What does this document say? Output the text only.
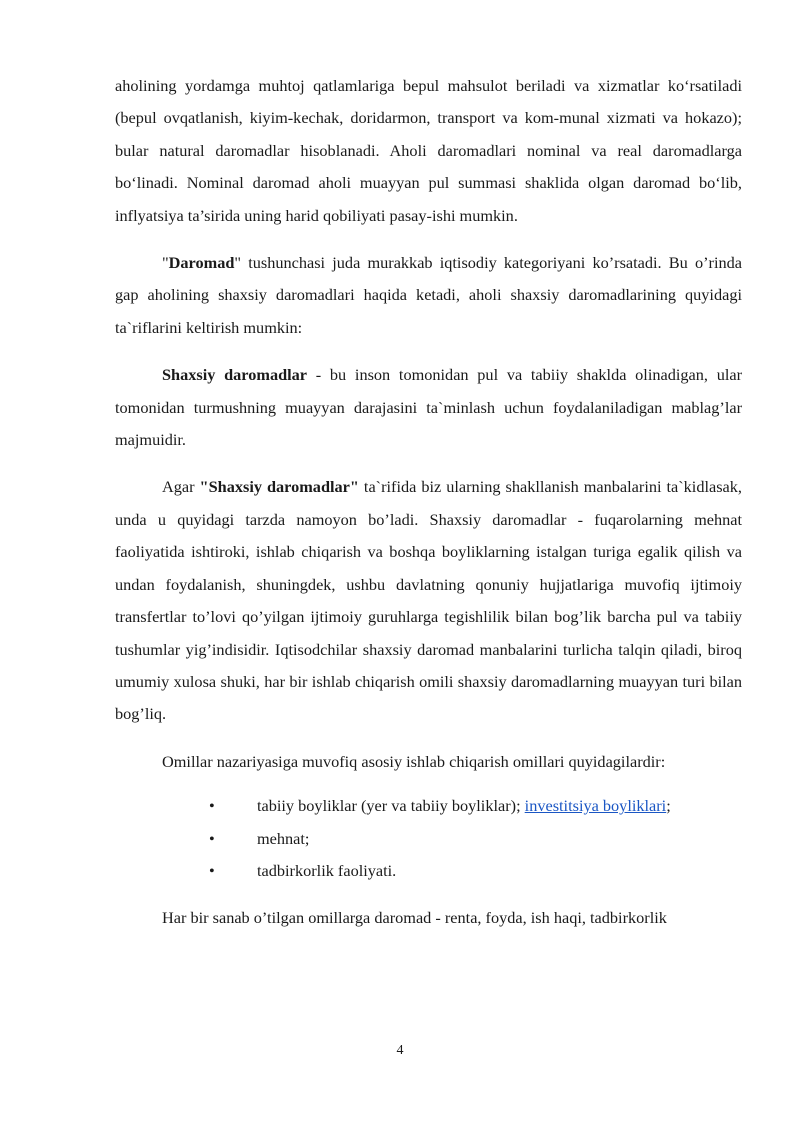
aholining yordamga muhtoj qatlamlariga bepul mahsulot beriladi va xizmatlar ko‘rsatiladi (bepul ovqatlanish, kiyim-kechak, doridarmon, transport va kom-munal xizmati va hokazo); bular natural daromadlar hisoblanadi. Aholi daromadlari nominal va real daromadlarga bo‘linadi. Nominal daromad aholi muayyan pul summasi shaklida olgan daromad bo‘lib, inflyatsiya ta’sirida uning harid qobiliyati pasay-ishi mumkin.

"Daromad" tushunchasi juda murakkab iqtisodiy kategoriyani ko’rsatadi. Bu o’rinda gap aholining shaxsiy daromadlari haqida ketadi, aholi shaxsiy daromadlarining quyidagi ta`riflarini keltirish mumkin:

Shaxsiy daromadlar - bu inson tomonidan pul va tabiiy shaklda olinadigan, ular tomonidan turmushning muayyan darajasini ta`minlash uchun foydalaniladigan mablag’lar majmuidir.

Agar "Shaxsiy daromadlar" ta`rifida biz ularning shakllanish manbalarini ta`kidlasak, unda u quyidagi tarzda namoyon bo’ladi. Shaxsiy daromadlar - fuqarolarning mehnat faoliyatida ishtiroki, ishlab chiqarish va boshqa boyliklarning istalgan turiga egalik qilish va undan foydalanish, shuningdek, ushbu davlatning qonuniy hujjatlariga muvofiq ijtimoiy transfertlar to’lovi qo’yilgan ijtimoiy guruhlarga tegishlilik bilan bog’lik barcha pul va tabiiy tushumlar yig’indisidir. Iqtisodchilar shaxsiy daromad manbalarini turlicha talqin qiladi, biroq umumiy xulosa shuki, har bir ishlab chiqarish omili shaxsiy daromadlarning muayyan turi bilan bog’liq.

Omillar nazariyasiga muvofiq asosiy ishlab chiqarish omillari quyidagilardir:

•	tabiiy boyliklar (yer va tabiiy boyliklar); investitsiya boyliklari;
•	mehnat;
•	tadbirkorlik faoliyati.

Har bir sanab o’tilgan omillarga daromad - renta, foyda, ish haqi, tadbirkorlik

4
